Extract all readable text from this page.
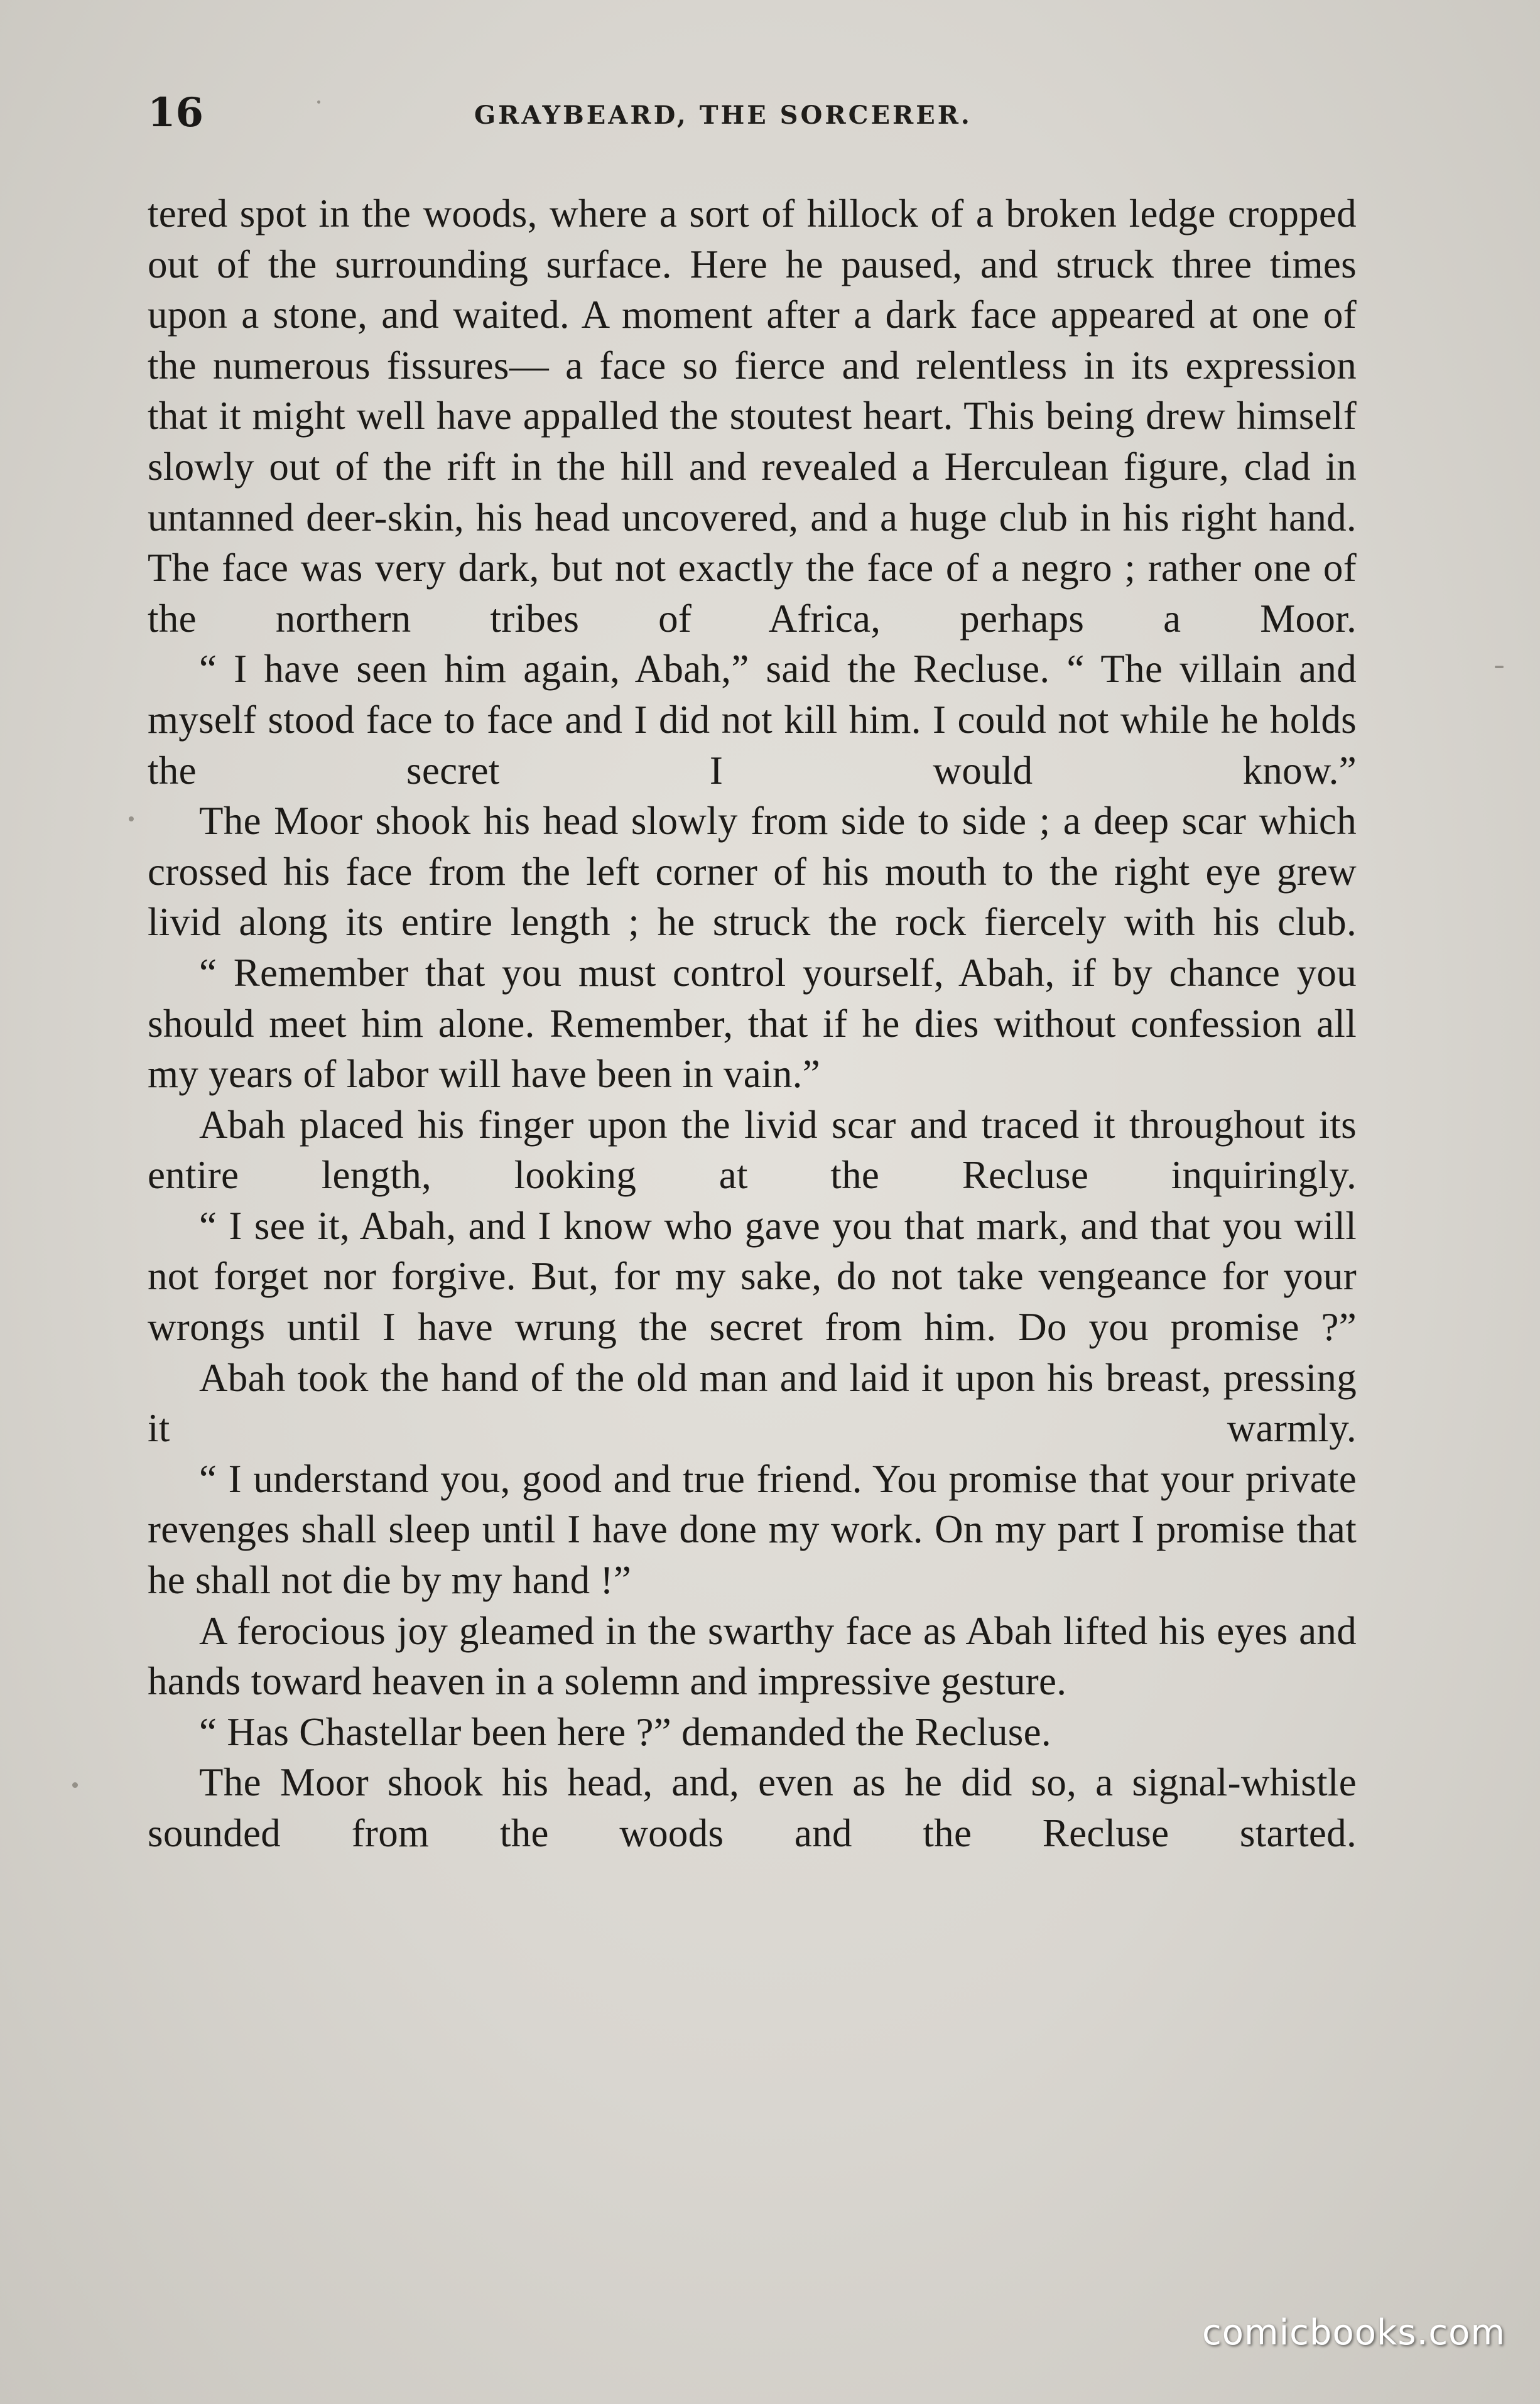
16	GRAYBEARD, THE SORCERER.

tered spot in the woods, where a sort of hillock of a broken ledge cropped out of the surrounding surface. Here he paused, and struck three times upon a stone, and waited. A moment after a dark face appeared at one of the numerous fissures— a face so fierce and relentless in its expression that it might well have appalled the stoutest heart. This being drew himself slowly out of the rift in the hill and revealed a Herculean figure, clad in untanned deer-skin, his head uncovered, and a huge club in his right hand. The face was very dark, but not exactly the face of a negro ; rather one of the northern tribes of Africa, perhaps a Moor.

“ I have seen him again, Abah,” said the Recluse. “ The villain and myself stood face to face and I did not kill him. I could not while he holds the secret I would know.”

The Moor shook his head slowly from side to side ; a deep scar which crossed his face from the left corner of his mouth to the right eye grew livid along its entire length ; he struck the rock fiercely with his club.

“ Remember that you must control yourself, Abah, if by chance you should meet him alone. Remember, that if he dies without confession all my years of labor will have been in vain.”

Abah placed his finger upon the livid scar and traced it throughout its entire length, looking at the Recluse inquiringly.

“ I see it, Abah, and I know who gave you that mark, and that you will not forget nor forgive. But, for my sake, do not take vengeance for your wrongs until I have wrung the secret from him. Do you promise ?”

Abah took the hand of the old man and laid it upon his breast, pressing it warmly.

“ I understand you, good and true friend. You promise that your private revenges shall sleep until I have done my work. On my part I promise that he shall not die by my hand !”

A ferocious joy gleamed in the swarthy face as Abah lifted his eyes and hands toward heaven in a solemn and impressive gesture.

“ Has Chastellar been here ?” demanded the Recluse.

The Moor shook his head, and, even as he did so, a signal-whistle sounded from the woods and the Recluse started.

comicbooks.com
